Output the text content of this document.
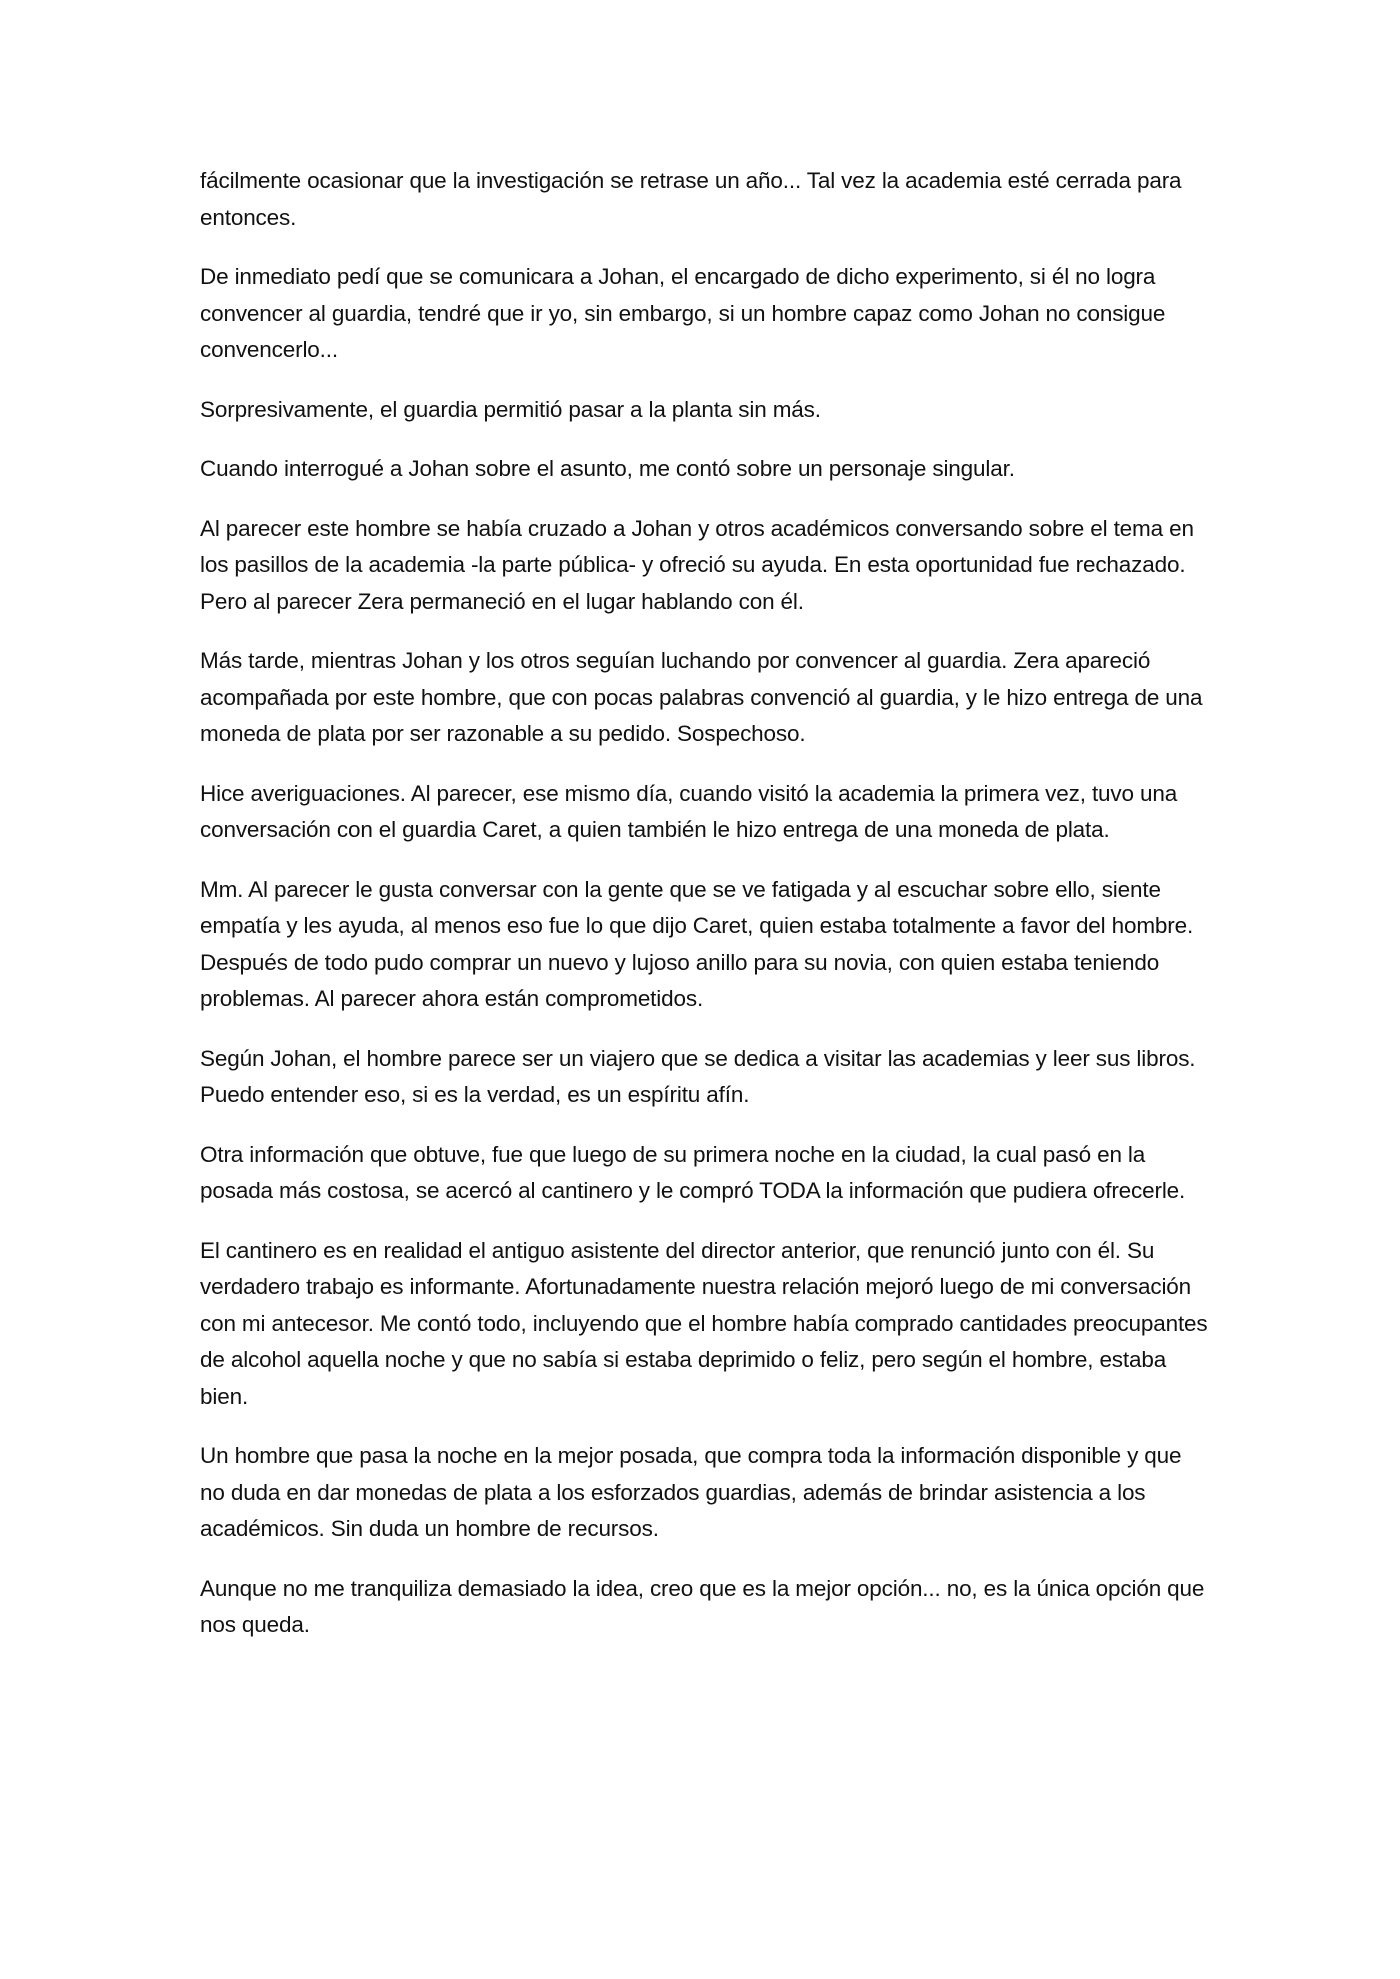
fácilmente ocasionar que la investigación se retrase un año... Tal vez la academia esté cerrada para entonces.

De inmediato pedí que se comunicara a Johan, el encargado de dicho experimento, si él no logra convencer al guardia, tendré que ir yo, sin embargo, si un hombre capaz como Johan no consigue convencerlo...

Sorpresivamente, el guardia permitió pasar a la planta sin más.

Cuando interrogué a Johan sobre el asunto, me contó sobre un personaje singular.

Al parecer este hombre se había cruzado a Johan y otros académicos conversando sobre el tema en los pasillos de la academia -la parte pública- y ofreció su ayuda. En esta oportunidad fue rechazado. Pero al parecer Zera permaneció en el lugar hablando con él.

Más tarde, mientras Johan y los otros seguían luchando por convencer al guardia. Zera apareció acompañada por este hombre, que con pocas palabras convenció al guardia, y le hizo entrega de una moneda de plata por ser razonable a su pedido. Sospechoso.

Hice averiguaciones. Al parecer, ese mismo día, cuando visitó la academia la primera vez, tuvo una conversación con el guardia Caret, a quien también le hizo entrega de una moneda de plata.

Mm. Al parecer le gusta conversar con la gente que se ve fatigada y al escuchar sobre ello, siente empatía y les ayuda, al menos eso fue lo que dijo Caret, quien estaba totalmente a favor del hombre. Después de todo pudo comprar un nuevo y lujoso anillo para su novia, con quien estaba teniendo problemas. Al parecer ahora están comprometidos.

Según Johan, el hombre parece ser un viajero que se dedica a visitar las academias y leer sus libros. Puedo entender eso, si es la verdad, es un espíritu afín.

Otra información que obtuve, fue que luego de su primera noche en la ciudad, la cual pasó en la posada más costosa, se acercó al cantinero y le compró TODA la información que pudiera ofrecerle.

El cantinero es en realidad el antiguo asistente del director anterior, que renunció junto con él. Su verdadero trabajo es informante. Afortunadamente nuestra relación mejoró luego de mi conversación con mi antecesor. Me contó todo, incluyendo que el hombre había comprado cantidades preocupantes de alcohol aquella noche y que no sabía si estaba deprimido o feliz, pero según el hombre, estaba bien.

Un hombre que pasa la noche en la mejor posada, que compra toda la información disponible y que no duda en dar monedas de plata a los esforzados guardias, además de brindar asistencia a los académicos. Sin duda un hombre de recursos.

Aunque no me tranquiliza demasiado la idea, creo que es la mejor opción... no, es la única opción que nos queda.
